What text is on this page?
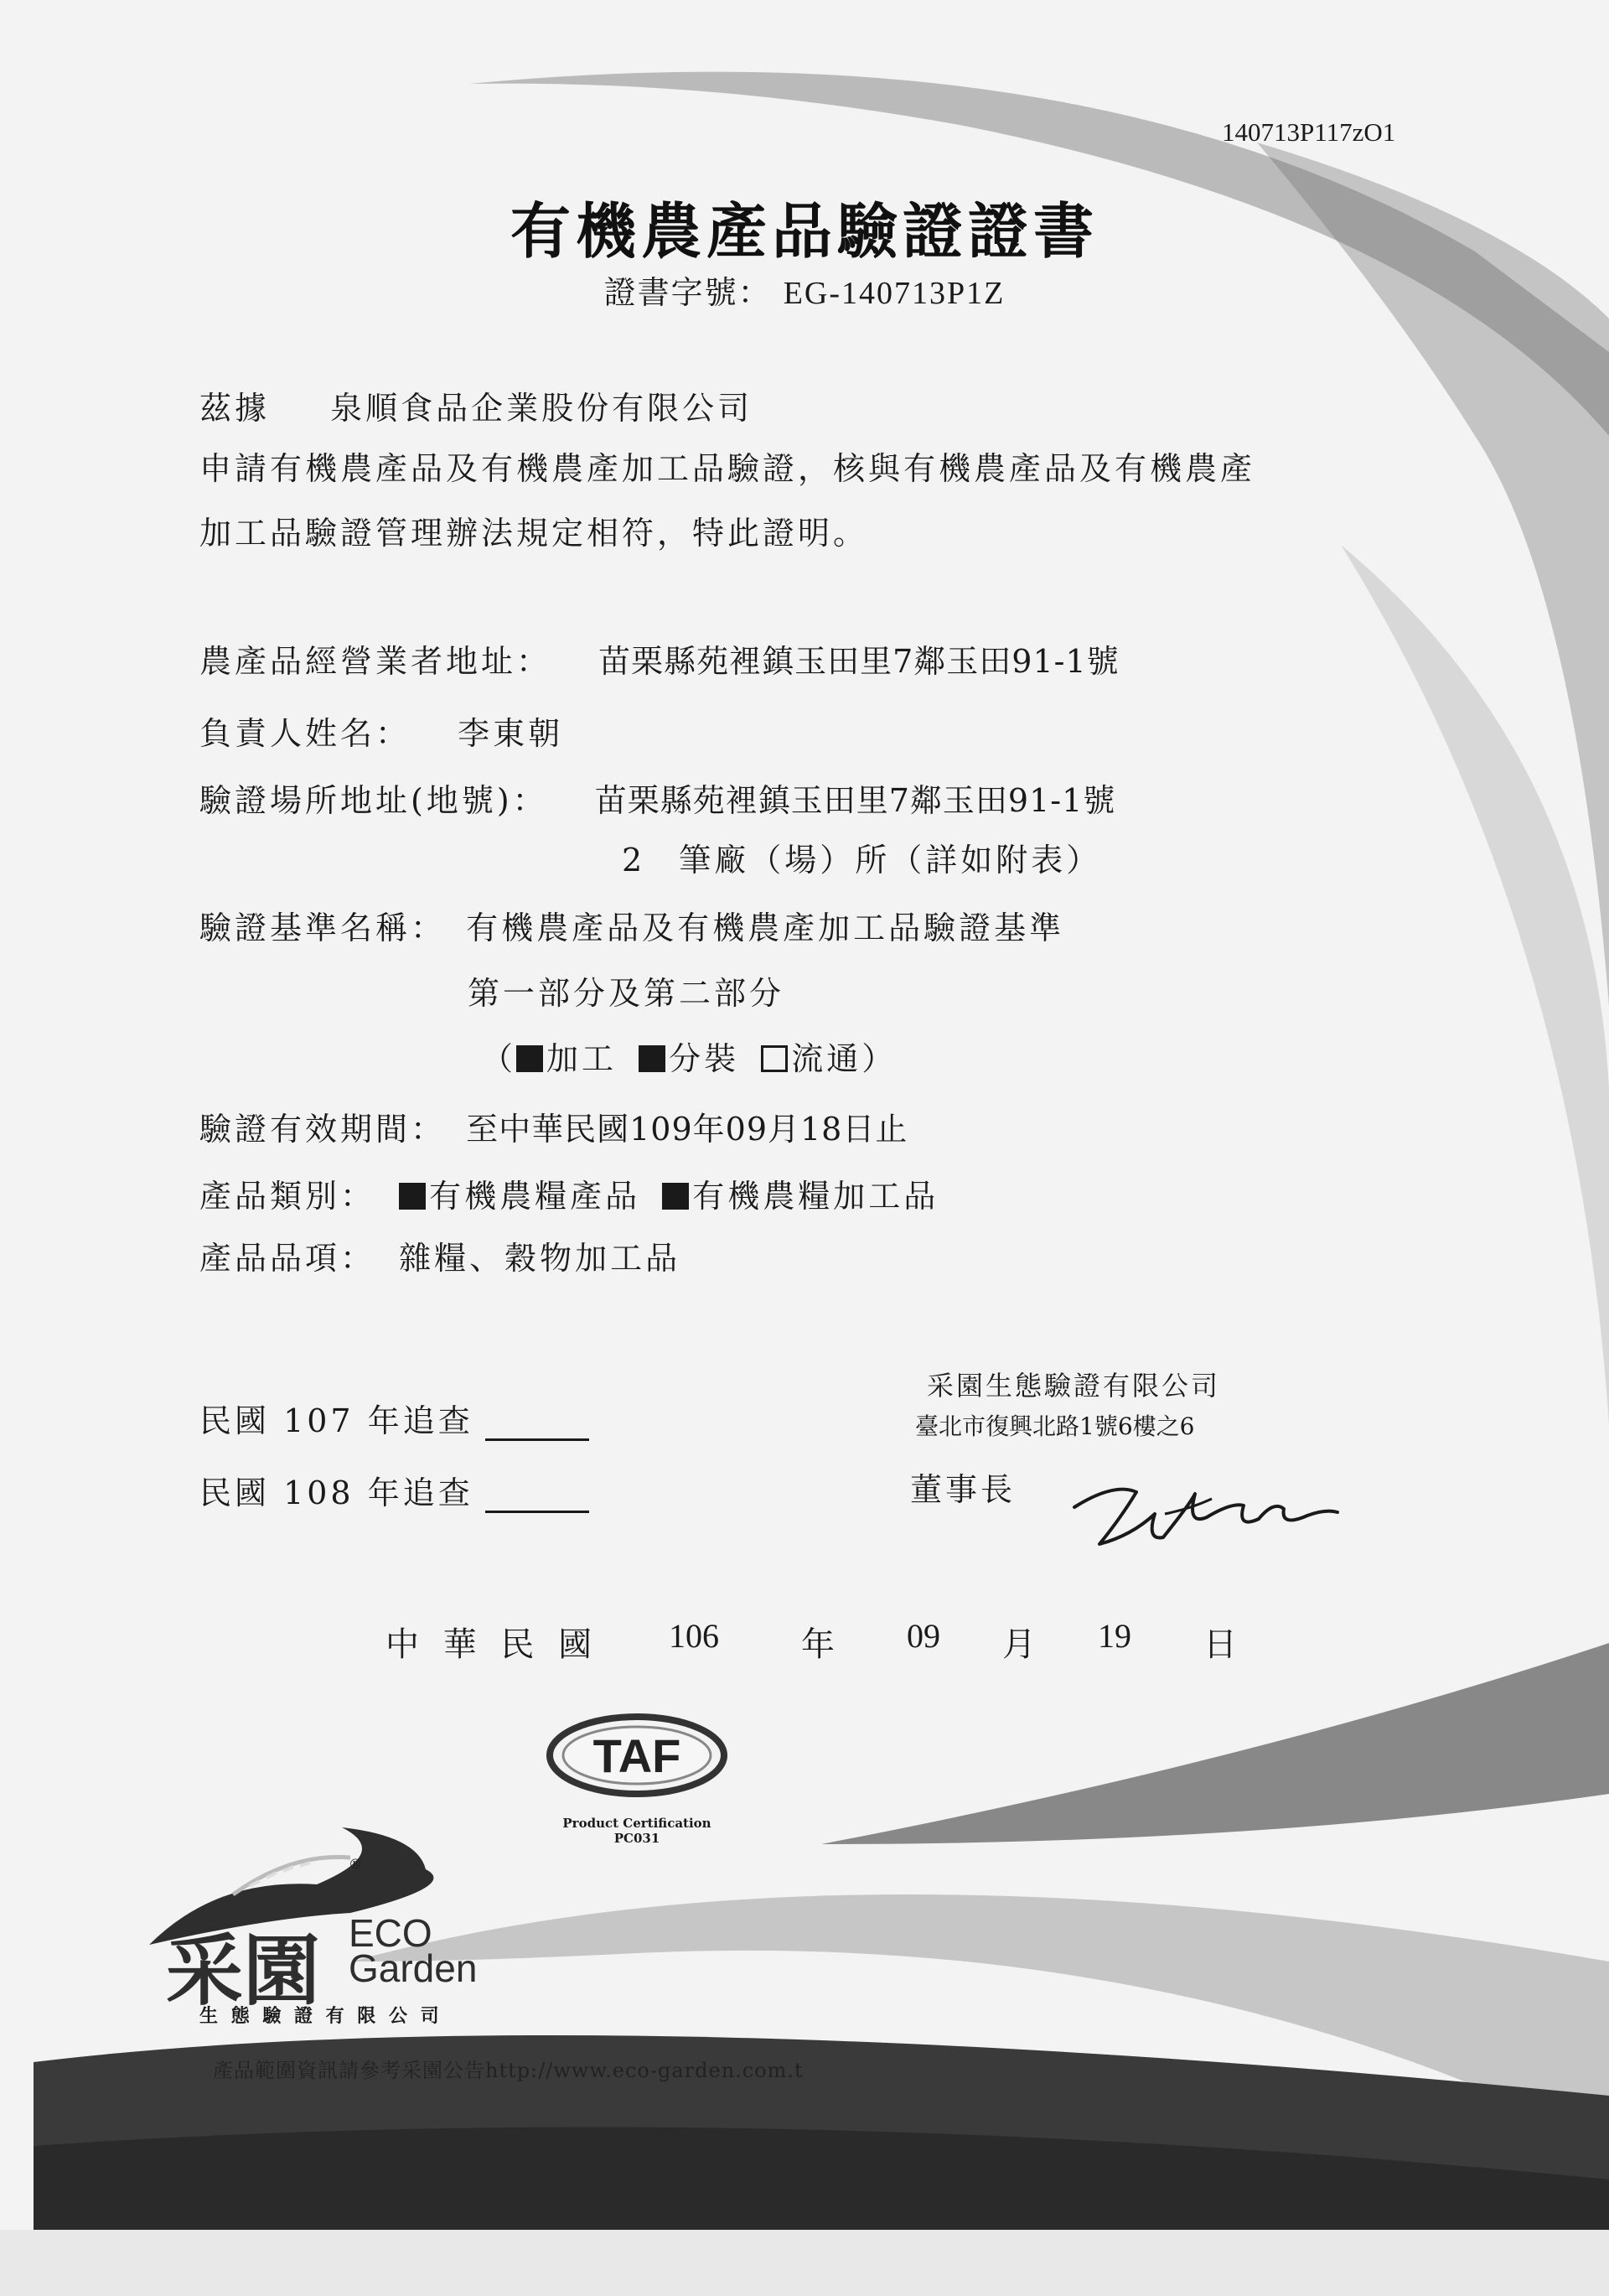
140713P117zO1
有機農產品驗證證書
證書字號： EG-140713P1Z
茲據 泉順食品企業股份有限公司
申請有機農產品及有機農產加工品驗證，核與有機農產品及有機農產
加工品驗證管理辦法規定相符，特此證明。
農產品經營業者地址： 苗栗縣苑裡鎮玉田里7鄰玉田91-1號
負責人姓名： 李東朝
驗證場所地址(地號)： 苗栗縣苑裡鎮玉田里7鄰玉田91-1號
2 筆廠（場）所（詳如附表）
驗證基準名稱： 有機農產品及有機農產加工品驗證基準
第一部分及第二部分
（ 加工 分裝 流通）
驗證有效期間： 至中華民國109年09月18日止
產品類別： 有機農糧產品 有機農糧加工品
產品品項： 雜糧、穀物加工品
民國 107 年追查
民國 108 年追查
采園生態驗證有限公司
臺北市復興北路1號6樓之6
董事長
中 華 民 國 106 年 09 月 19 日
TAF
Product Certification
PC031
®
采園 ECO
Garden
生 態 驗 證 有 限 公 司
產品範圍資訊請參考采園公告http://www.eco-garden.com.t
